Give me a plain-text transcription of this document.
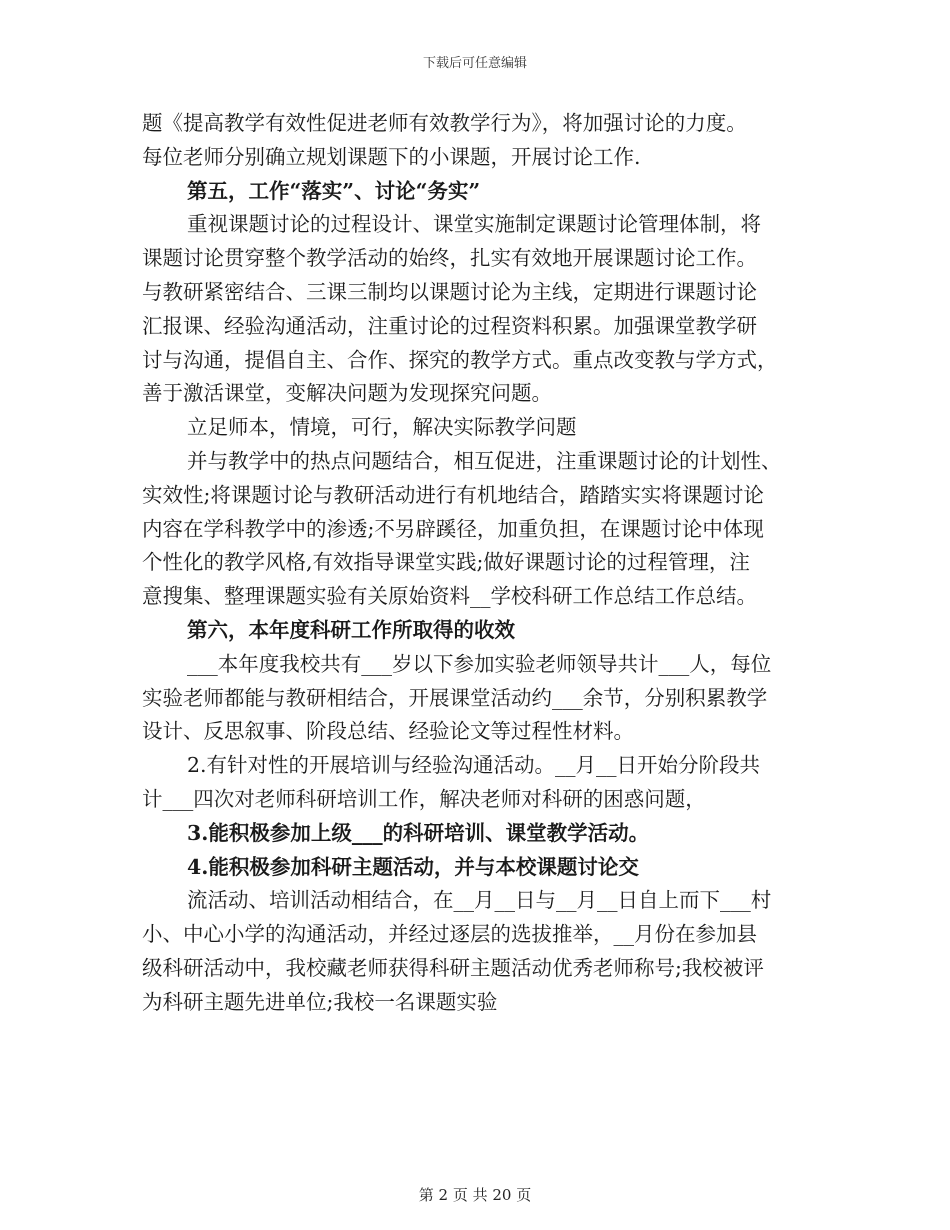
下载后可任意编辑
题《提高教学有效性促进老师有效教学行为》，将加强讨论的力度。
每位老师分别确立规划课题下的小课题，开展讨论工作.
第五，工作“落实”、讨论“务实”
重视课题讨论的过程设计、课堂实施制定课题讨论管理体制，将
课题讨论贯穿整个教学活动的始终，扎实有效地开展课题讨论工作。
与教研紧密结合、三课三制均以课题讨论为主线，定期进行课题讨论
汇报课、经验沟通活动，注重讨论的过程资料积累。加强课堂教学研
讨与沟通，提倡自主、合作、探究的教学方式。重点改变教与学方式，
善于激活课堂，变解决问题为发现探究问题。
立足师本，情境，可行，解决实际教学问题
并与教学中的热点问题结合，相互促进，注重课题讨论的计划性、
实效性;将课题讨论与教研活动进行有机地结合，踏踏实实将课题讨论
内容在学科教学中的渗透;不另辟蹊径，加重负担，在课题讨论中体现
个性化的教学风格,有效指导课堂实践;做好课题讨论的过程管理，注
意搜集、整理课题实验有关原始资料__学校科研工作总结工作总结。
第六，本年度科研工作所取得的收效
___本年度我校共有___岁以下参加实验老师领导共计___人，每位
实验老师都能与教研相结合，开展课堂活动约___余节，分别积累教学
设计、反思叙事、阶段总结、经验论文等过程性材料。
2.有针对性的开展培训与经验沟通活动。__月__日开始分阶段共
计___四次对老师科研培训工作，解决老师对科研的困惑问题，
3.能积极参加上级___的科研培训、课堂教学活动。
4.能积极参加科研主题活动，并与本校课题讨论交
流活动、培训活动相结合，在__月__日与__月__日自上而下___村
小、中心小学的沟通活动，并经过逐层的选拔推举，__月份在参加县
级科研活动中，我校藏老师获得科研主题活动优秀老师称号;我校被评
为科研主题先进单位;我校一名课题实验
第 2 页 共 20 页
